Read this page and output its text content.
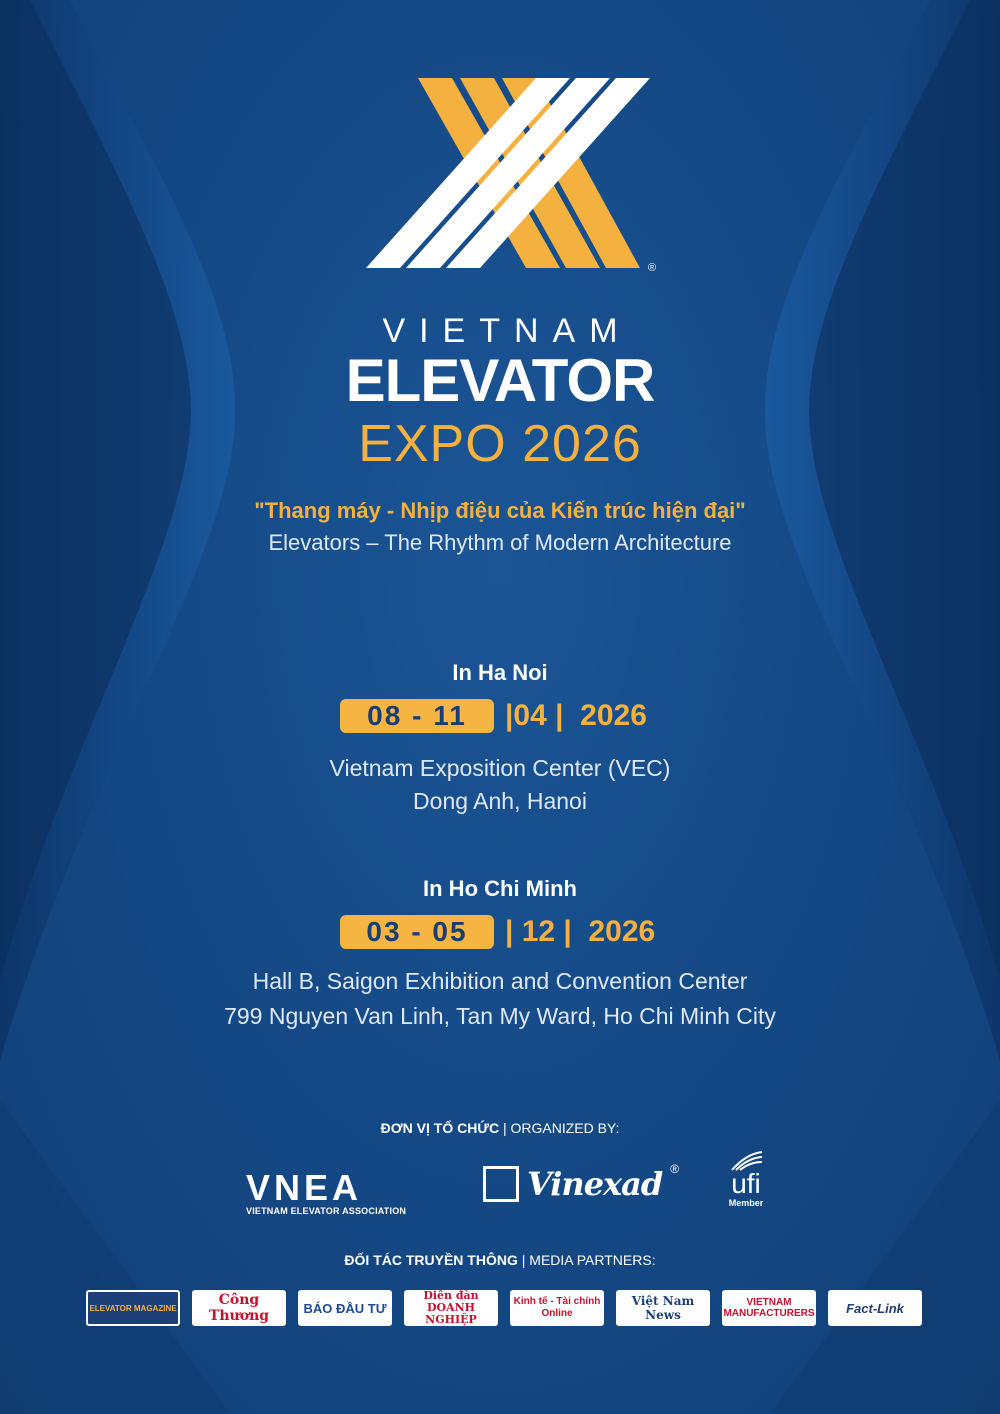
®
VIETNAM
ELEVATOR
EXPO 2026
"Thang máy - Nhịp điệu của Kiến trúc hiện đại"
Elevators – The Rhythm of Modern Architecture
In Ha Noi
08 - 11	|04 |  2026
Vietnam Exposition Center (VEC)
Dong Anh, Hanoi
In Ho Chi Minh
03 - 05	| 12 |  2026
Hall B, Saigon Exhibition and Convention Center
799 Nguyen Van Linh, Tan My Ward, Ho Chi Minh City
ĐƠN VỊ TỔ CHỨC | ORGANIZED BY:
VNEA
VIETNAM ELEVATOR ASSOCIATION
Vinexad ® ufi
Member
ĐỐI TÁC TRUYỀN THÔNG | MEDIA PARTNERS:
ELEVATOR MAGAZINE	Công Thương	BÁO ĐẦU TƯ
Diễn đàn DOANH NGHIỆP
Kinh tế - Tài chính Online
Việt Nam News
VIETNAM MANUFACTURERS	Fact-Link
